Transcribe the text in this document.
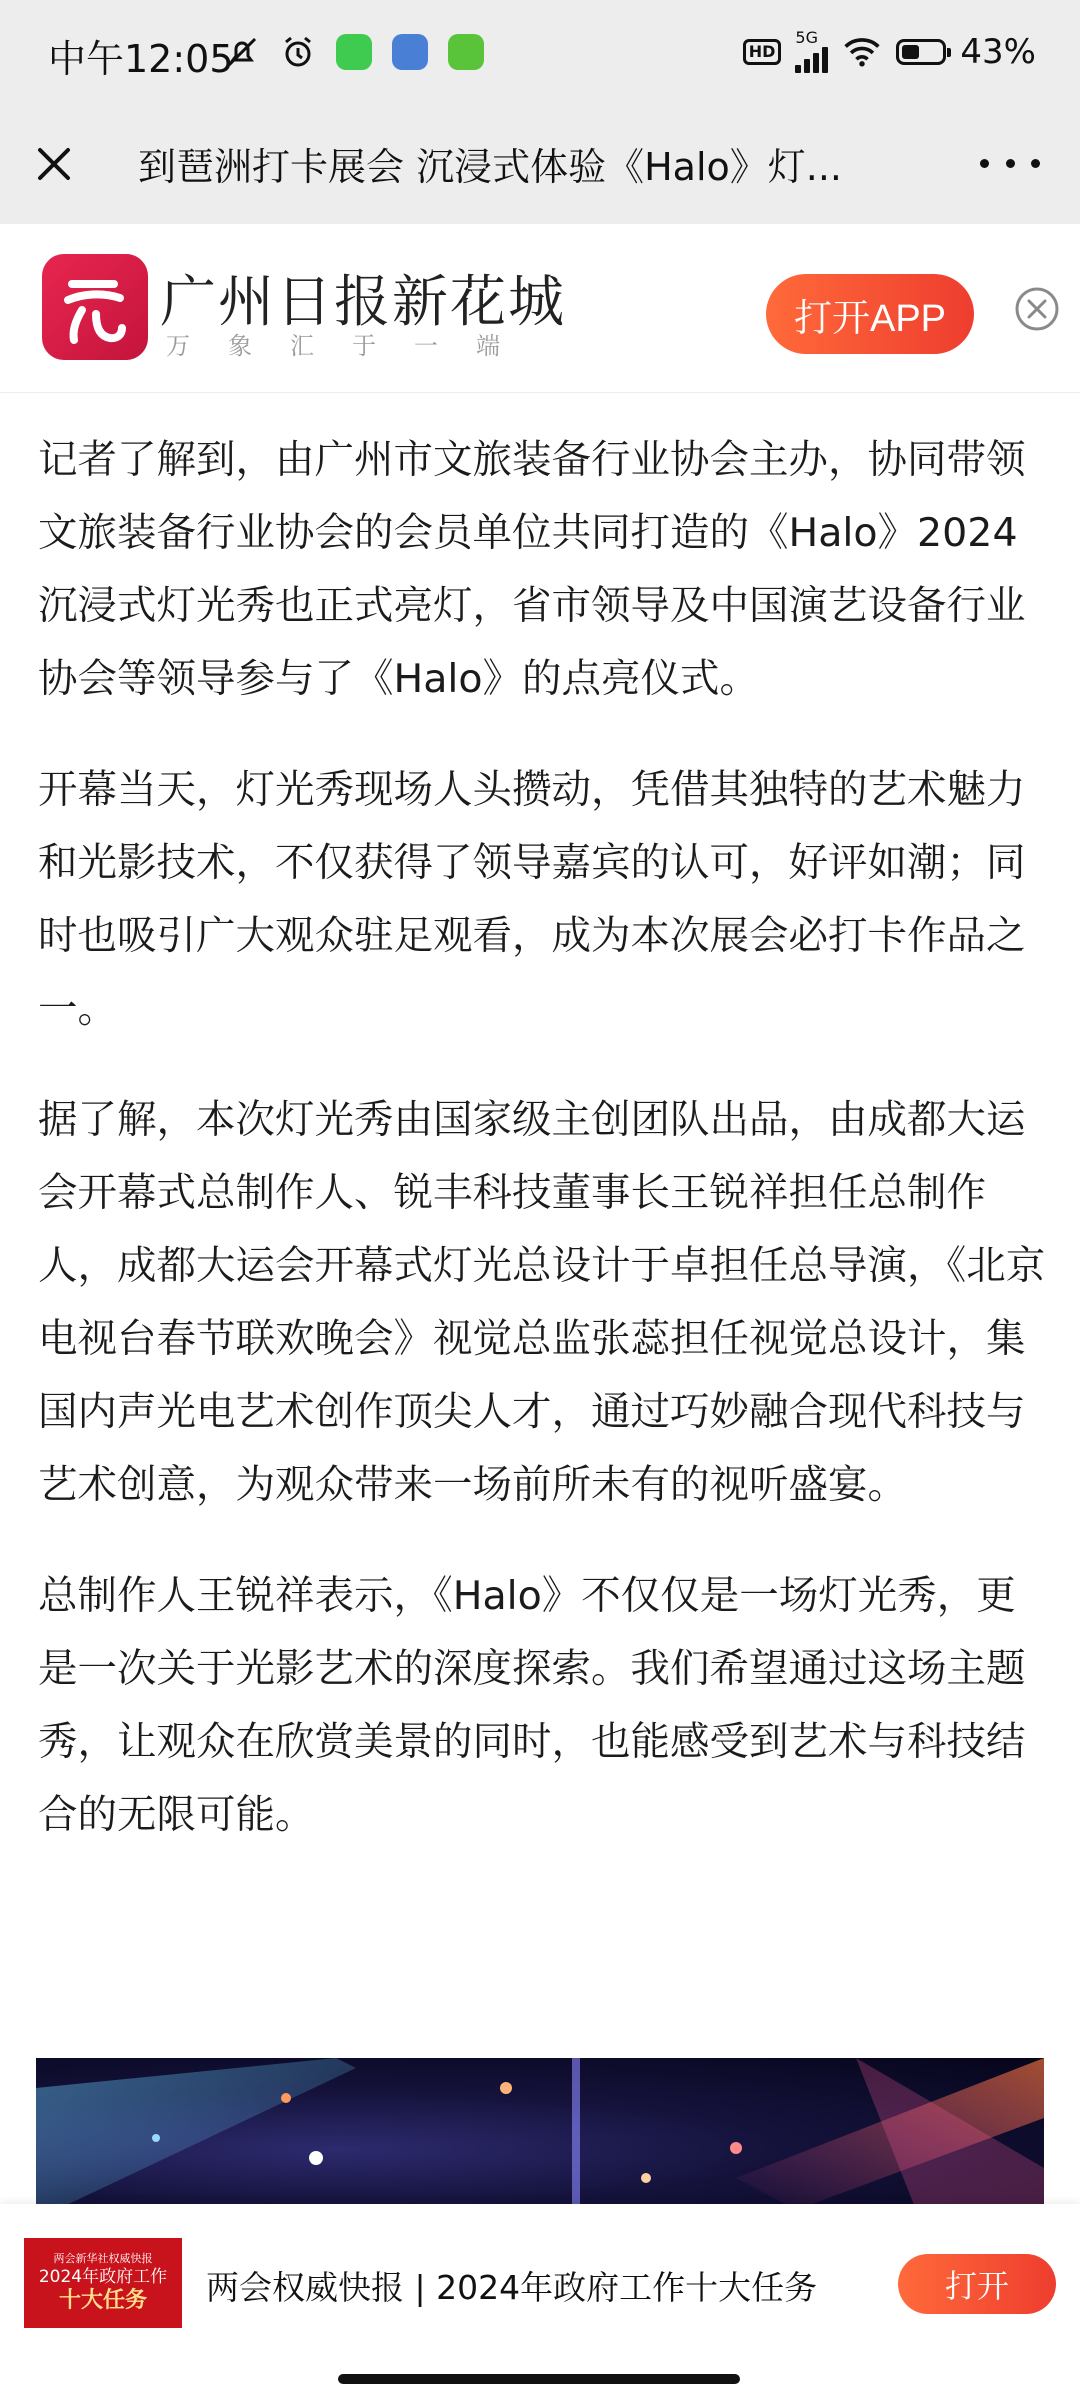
中午12:05	HD
5G	43%
到琶洲打卡展会 沉浸式体验《Halo》灯...
广州日报新花城
万象汇于一端
打开APP

记者了解到，由广州市文旅装备行业协会主办，协同带领文旅装备行业协会的会员单位共同打造的《Halo》2024沉浸式灯光秀也正式亮灯，省市领导及中国演艺设备行业协会等领导参与了《Halo》的点亮仪式。

开幕当天，灯光秀现场人头攒动，凭借其独特的艺术魅力和光影技术，不仅获得了领导嘉宾的认可，好评如潮；同时也吸引广大观众驻足观看，成为本次展会必打卡作品之一。

据了解，本次灯光秀由国家级主创团队出品，由成都大运会开幕式总制作人、锐丰科技董事长王锐祥担任总制作人，成都大运会开幕式灯光总设计于卓担任总导演，《北京电视台春节联欢晚会》视觉总监张蕊担任视觉总设计，集国内声光电艺术创作顶尖人才，通过巧妙融合现代科技与艺术创意，为观众带来一场前所未有的视听盛宴。

总制作人王锐祥表示，《Halo》不仅仅是一场灯光秀，更是一次关于光影艺术的深度探索。我们希望通过这场主题秀，让观众在欣赏美景的同时，也能感受到艺术与科技结合的无限可能。

两会新华社权威快报
2024年政府工作
十大任务 两会权威快报 | 2024年政府工作十大任务	打开
